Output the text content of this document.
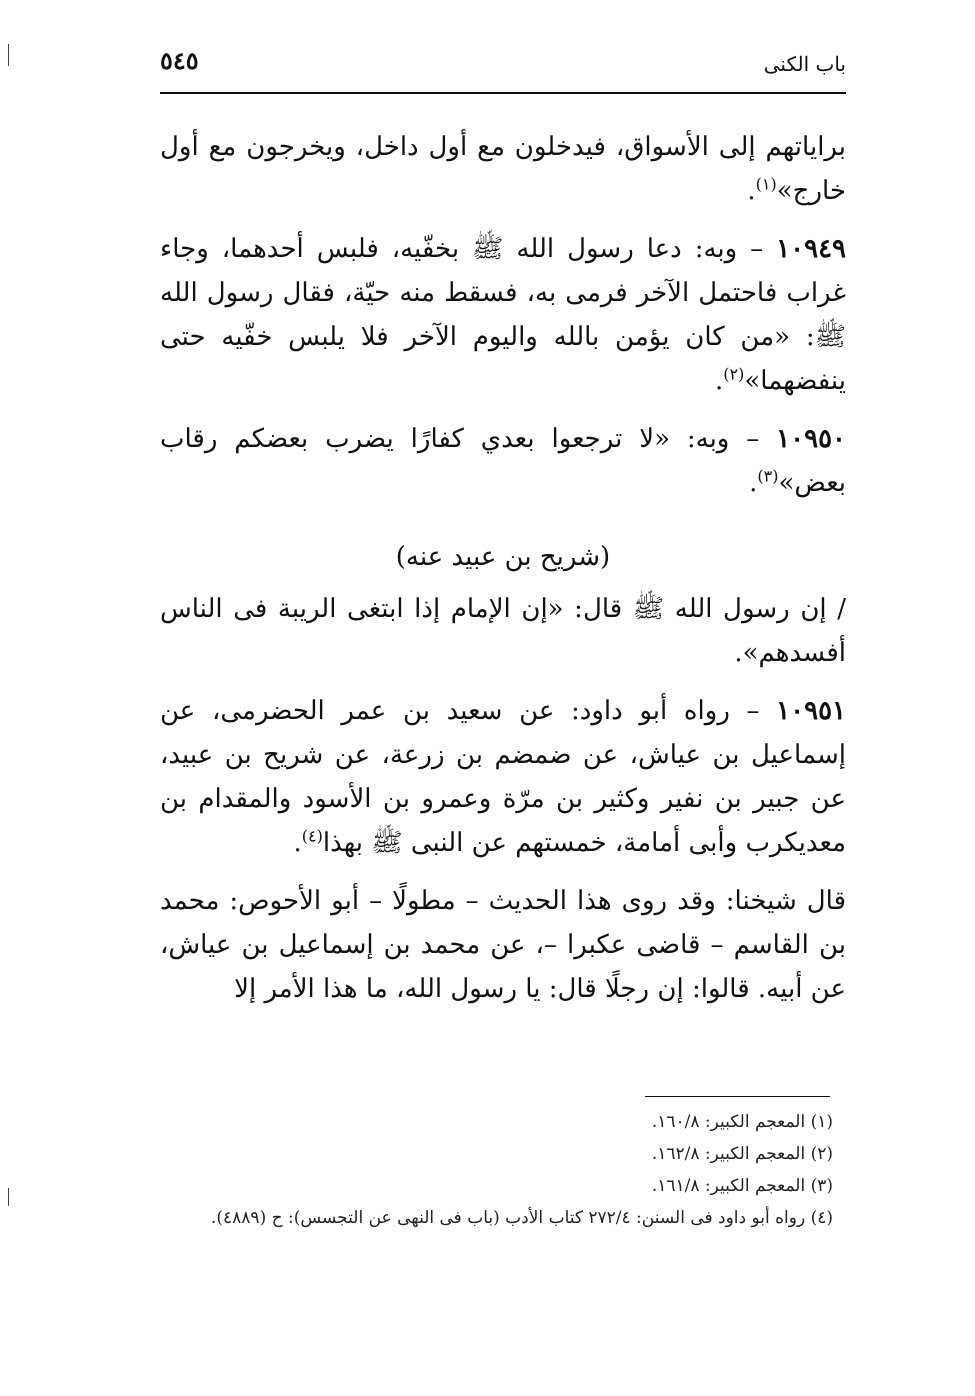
٥٤٥	باب الكنى

براياتهم إلى الأسواق، فيدخلون مع أول داخل، ويخرجون مع أول خارج»$^{(١)}$.

١٠٩٤٩ – وبه: دعا رسول الله ﷺ بخفّيه، فلبس أحدهما، وجاء غراب فاحتمل الآخر فرمى به، فسقط منه حيّة، فقال رسول الله ﷺ: «من كان يؤمن بالله واليوم الآخر فلا يلبس خفّيه حتى ينفضهما»$^{(٢)}$.

١٠٩٥٠ – وبه: «لا ترجعوا بعدي كفارًا يضرب بعضكم رقاب بعض»$^{(٣)}$.

(شريح بن عبيد عنه)

/ إن رسول الله ﷺ قال: «إن الإمام إذا ابتغى الريبة فى الناس أفسدهم».

١٠٩٥١ – رواه أبو داود: عن سعيد بن عمر الحضرمى، عن إسماعيل بن عياش، عن ضمضم بن زرعة، عن شريح بن عبيد، عن جبير بن نفير وكثير بن مرّة وعمرو بن الأسود والمقدام بن معديكرب وأبى أمامة، خمستهم عن النبى ﷺ بهذا$^{(٤)}$.

قال شيخنا: وقد روى هذا الحديث – مطولًا – أبو الأحوص: محمد بن القاسم – قاضى عكبرا –، عن محمد بن إسماعيل بن عياش، عن أبيه. قالوا: إن رجلًا قال: يا رسول الله، ما هذا الأمر إلا

(١) المعجم الكبير: ١٦٠/٨.

(٢) المعجم الكبير: ١٦٢/٨.

(٣) المعجم الكبير: ١٦١/٨.

(٤) رواه أبو داود فى السنن: ٢٧٢/٤ كتاب الأدب (باب فى النهى عن التجسس): ح (٤٨٨٩).
